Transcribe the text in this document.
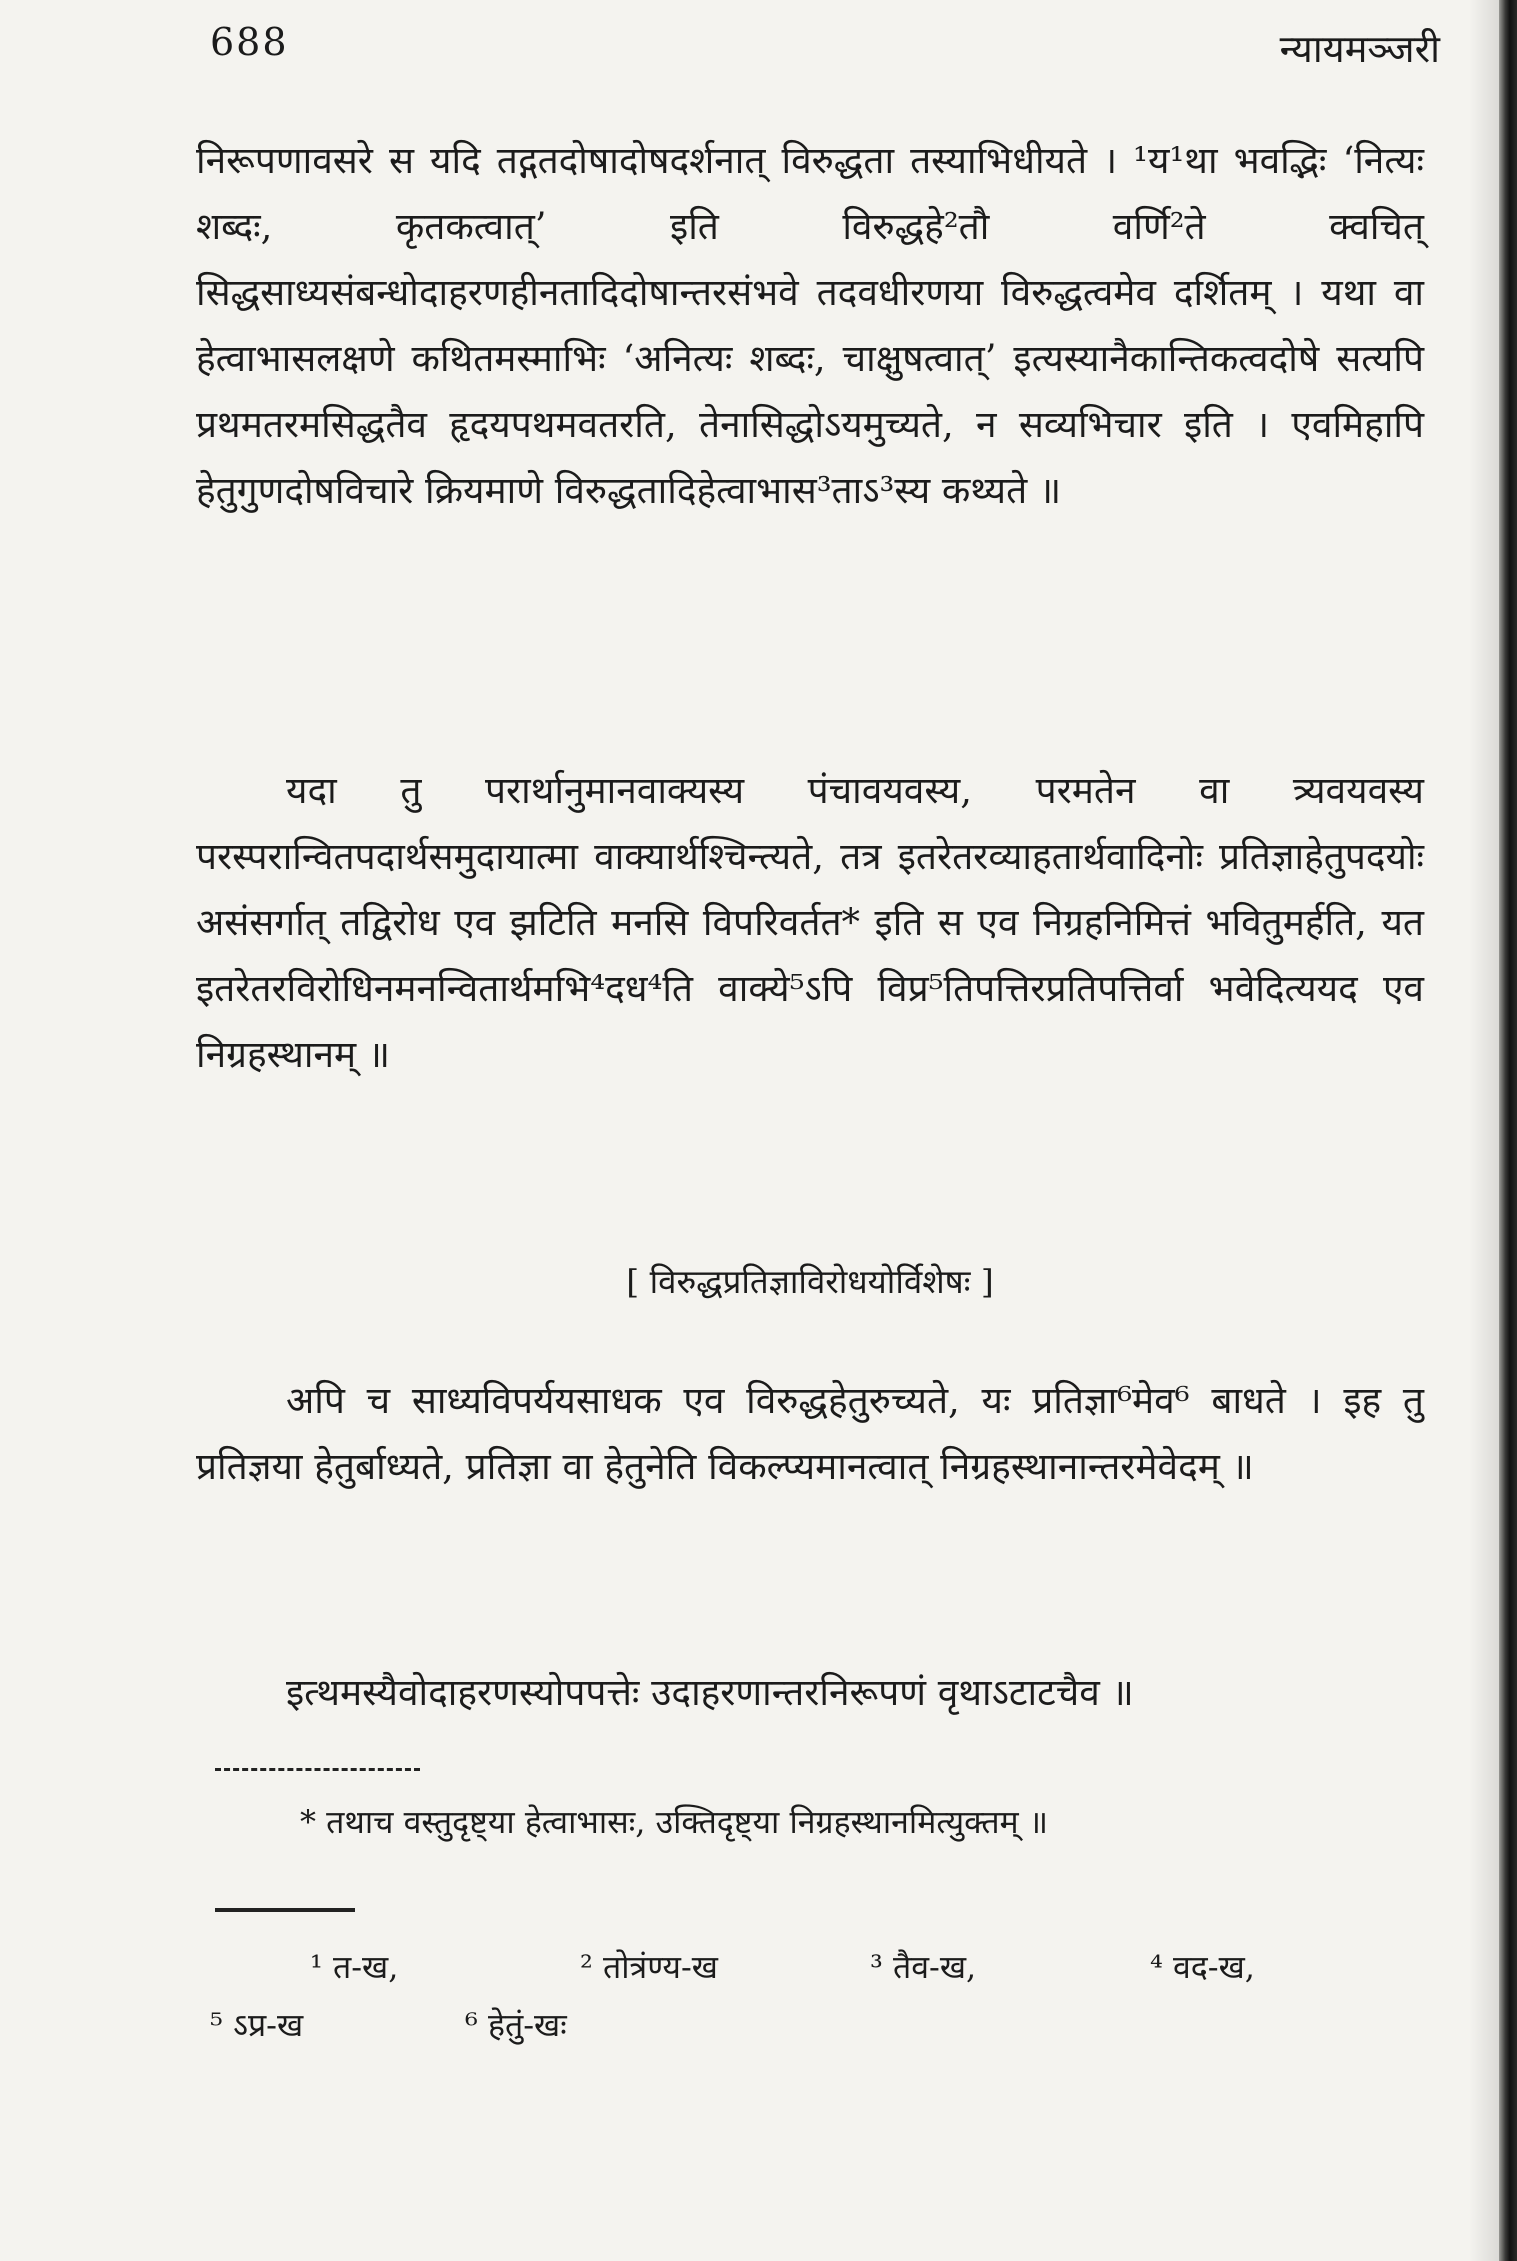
688	न्यायमञ्जरी

निरूपणावसरे स यदि तद्गतदोषादोषदर्शनात् विरुद्धता तस्याभिधीयते । ¹य¹था भवद्भिः ‘नित्यः शब्दः, कृतकत्वात्’ इति विरुद्धहे²तौ वर्णि²ते क्वचित् सिद्धसाध्यसंबन्धोदाहरणहीनतादिदोषान्तरसंभवे तदवधीरणया विरुद्धत्वमेव दर्शितम् । यथा वा हेत्वाभासलक्षणे कथितमस्माभिः ‘अनित्यः शब्दः, चाक्षुषत्वात्’ इत्यस्यानैकान्तिकत्वदोषे सत्यपि प्रथमतरमसिद्धतैव हृदयपथमवतरति, तेनासिद्धोऽयमुच्यते, न सव्यभिचार इति । एवमिहापि हेतुगुणदोषविचारे क्रियमाणे विरुद्धतादिहेत्वाभास³ताऽ³स्य कथ्यते ॥

यदा तु परार्थानुमानवाक्यस्य पंचावयवस्य, परमतेन वा त्र्यवयवस्य परस्परान्वितपदार्थसमुदायात्मा वाक्यार्थश्चिन्त्यते, तत्र इतरेतरव्याहतार्थवादिनोः प्रतिज्ञाहेतुपदयोः असंसर्गात् तद्विरोध एव झटिति मनसि विपरिवर्तत* इति स एव निग्रहनिमित्तं भवितुमर्हति, यत इतरेतरविरोधिनमनन्वितार्थमभि⁴दध⁴ति वाक्ये⁵ऽपि विप्र⁵तिपत्तिरप्रतिपत्तिर्वा भवेदित्ययद एव निग्रहस्थानम् ॥

[ विरुद्धप्रतिज्ञाविरोधयोर्विशेषः ]

अपि च साध्यविपर्ययसाधक एव विरुद्धहेतुरुच्यते, यः प्रतिज्ञा⁶मेव⁶ बाधते । इह तु प्रतिज्ञया हेतुर्बाध्यते, प्रतिज्ञा वा हेतुनेति विकल्प्यमानत्वात् निग्रहस्थानान्तरमेवेदम् ॥

इत्थमस्यैवोदाहरणस्योपपत्तेः उदाहरणान्तरनिरूपणं वृथाऽटाटचैव ॥

* तथाच वस्तुदृष्ट्या हेत्वाभासः, उक्तिदृष्ट्या निग्रहस्थानमित्युक्तम् ॥
¹ त-ख,	² तोत्रंण्य-ख	³ तैव-ख,	⁴ वद-ख,
⁵ ऽप्र-ख	⁶ हेतुं-खः
